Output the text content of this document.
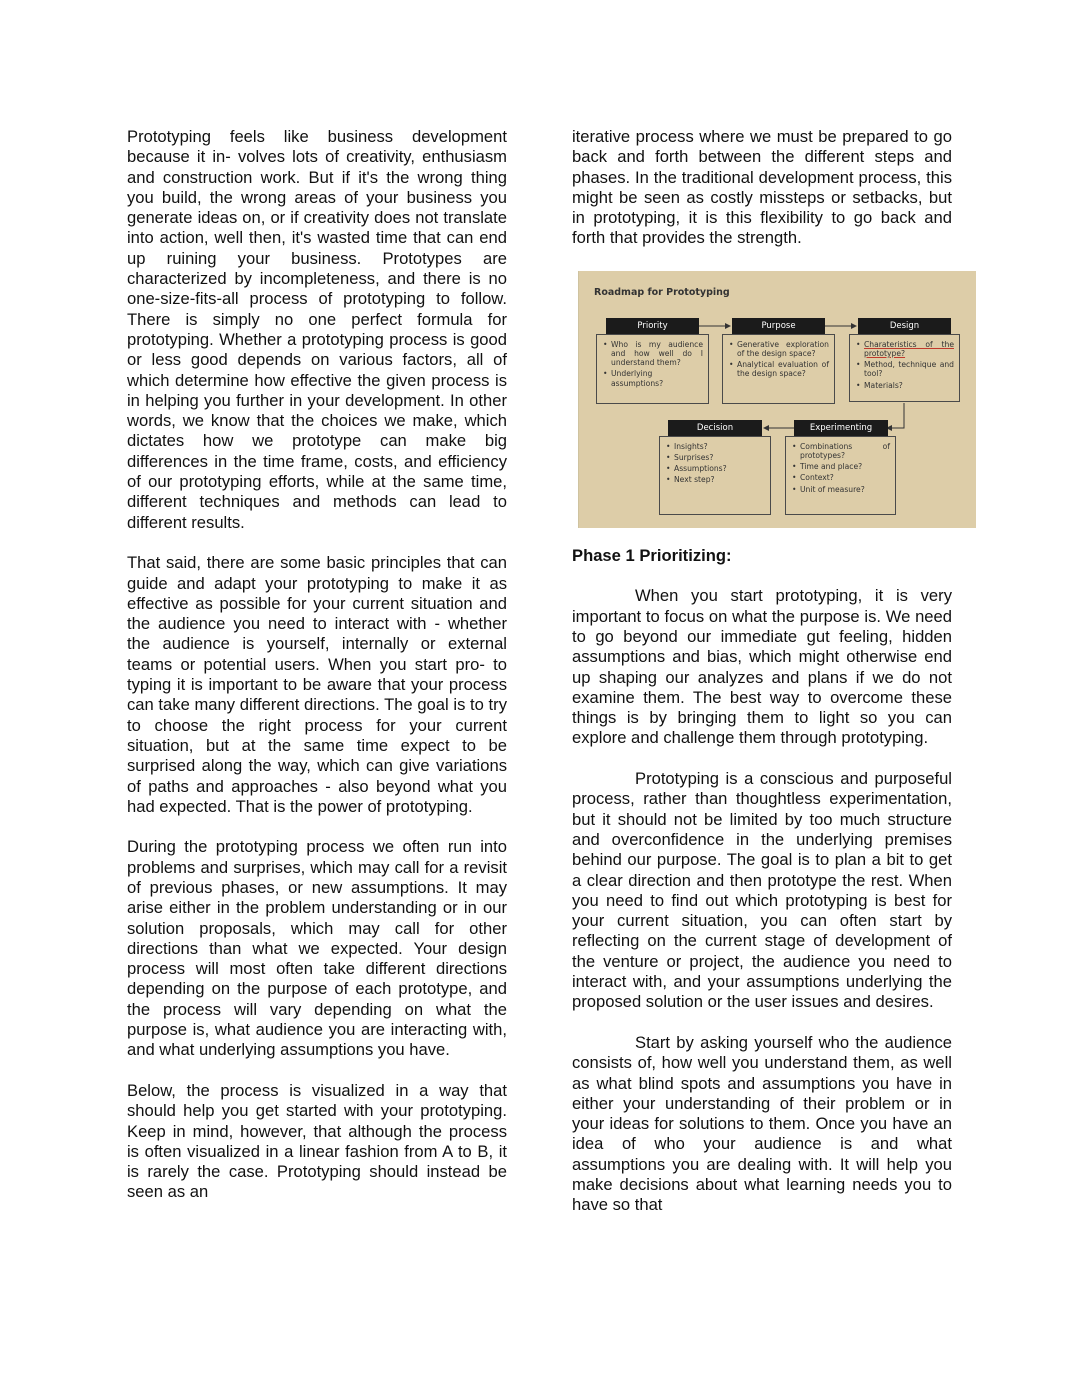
Prototyping feels like business development because it in- volves lots of creativity, enthusiasm and construction work. But if it's the wrong thing you build, the wrong areas of your business you generate ideas on, or if creativity does not translate into action, well then, it's wasted time that can end up ruining your business. Prototypes are characterized by incompleteness, and there is no one-size-fits-all process of prototyping to follow. There is simply no one perfect formula for prototyping. Whether a prototyping process is good or less good depends on various factors, all of which determine how effective the given process is in helping you further in your development. In other words, we know that the choices we make, which dictates how we prototype can make big differences in the time frame, costs, and efficiency of our prototyping efforts, while at the same time, different techniques and methods can lead to different results.

That said, there are some basic principles that can guide and adapt your prototyping to make it as effective as possible for your current situation and the audience you need to interact with - whether the audience is yourself, internally or external teams or potential users. When you start pro- to typing it is important to be aware that your process can take many different directions. The goal is to try to choose the right process for your current situation, but at the same time expect to be surprised along the way, which can give variations of paths and approaches - also beyond what you had expected. That is the power of prototyping.

During the prototyping process we often run into problems and surprises, which may call for a revisit of previous phases, or new assumptions. It may arise either in the problem understanding or in our solution proposals, which may call for other directions than what we expected. Your design process will most often take different directions depending on the purpose of each prototype, and the process will vary depending on what the purpose is, what audience you are interacting with, and what underlying assumptions you have.

Below, the process is visualized in a way that should help you get started with your prototyping. Keep in mind, however, that although the process is often visualized in a linear fashion from A to B, it is rarely the case. Prototyping should instead be seen as an

iterative process where we must be prepared to go back and forth between the different steps and phases. In the traditional development process, this might be seen as costly missteps or setbacks, but in prototyping, it is this flexibility to go back and forth that provides the strength.

Roadmap for Prototyping
Priority
• Who is my audience and how well do I understand them?
• Underlying assumptions?
Purpose
• Generative exploration of the design space?
• Analytical evaluation of the design space?
Design
• Charateristics of the prototype?
• Method, technique and tool?
• Materials?
Experimenting
• Combinations of prototypes?
• Time and place?
• Context?
• Unit of measure?
Decision
• Insights?
• Surprises?
• Assumptions?
• Next step?

Phase 1 Prioritizing:

When you start prototyping, it is very important to focus on what the purpose is. We need to go beyond our immediate gut feeling, hidden assumptions and bias, which might otherwise end up shaping our analyzes and plans if we do not examine them. The best way to overcome these things is by bringing them to light so you can explore and challenge them through prototyping.

Prototyping is a conscious and purposeful process, rather than thoughtless experimentation, but it should not be limited by too much structure and overconfidence in the underlying premises behind our purpose. The goal is to plan a bit to get a clear direction and then prototype the rest. When you need to find out which prototyping is best for your current situation, you can often start by reflecting on the current stage of development of the venture or project, the audience you need to interact with, and your assumptions underlying the proposed solution or the user issues and desires.

Start by asking yourself who the audience consists of, how well you understand them, as well as what blind spots and assumptions you have in either your understanding of their problem or in your ideas for solutions to them. Once you have an idea of who your audience is and what assumptions you are dealing with. It will help you make decisions about what learning needs you to have so that
